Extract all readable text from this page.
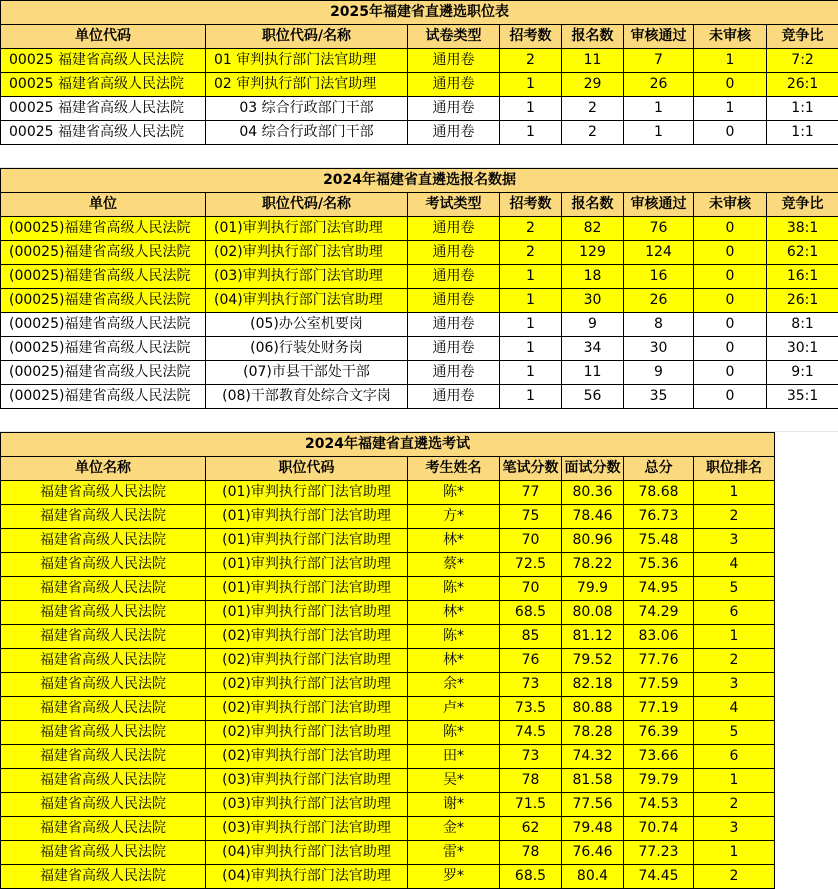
2025年福建省直遴选职位表							
单位代码	职位代码/名称	试卷类型	招考数	报名数	审核通过	未审核	竞争比
00025 福建省高级人民法院	01 审判执行部门法官助理	通用卷	2	11	7	1	7:2
00025 福建省高级人民法院	02 审判执行部门法官助理	通用卷	1	29	26	0	26:1
00025 福建省高级人民法院	03 综合行政部门干部	通用卷	1	2	1	1	1:1
00025 福建省高级人民法院	04 综合行政部门干部	通用卷	1	2	1	0	1:1
2024年福建省直遴选报名数据							
单位	职位代码/名称	考试类型	招考数	报名数	审核通过	未审核	竞争比
(00025)福建省高级人民法院	(01)审判执行部门法官助理	通用卷	2	82	76	0	38:1
(00025)福建省高级人民法院	(02)审判执行部门法官助理	通用卷	2	129	124	0	62:1
(00025)福建省高级人民法院	(03)审判执行部门法官助理	通用卷	1	18	16	0	16:1
(00025)福建省高级人民法院	(04)审判执行部门法官助理	通用卷	1	30	26	0	26:1
(00025)福建省高级人民法院	(05)办公室机要岗	通用卷	1	9	8	0	8:1
(00025)福建省高级人民法院	(06)行装处财务岗	通用卷	1	34	30	0	30:1
(00025)福建省高级人民法院	(07)市县干部处干部	通用卷	1	11	9	0	9:1
(00025)福建省高级人民法院	(08)干部教育处综合文字岗	通用卷	1	56	35	0	35:1
2024年福建省直遴选考试						
单位名称	职位代码	考生姓名	笔试分数	面试分数	总分	职位排名
福建省高级人民法院	(01)审判执行部门法官助理	陈*	77	80.36	78.68	1
福建省高级人民法院	(01)审判执行部门法官助理	方*	75	78.46	76.73	2
福建省高级人民法院	(01)审判执行部门法官助理	林*	70	80.96	75.48	3
福建省高级人民法院	(01)审判执行部门法官助理	蔡*	72.5	78.22	75.36	4
福建省高级人民法院	(01)审判执行部门法官助理	陈*	70	79.9	74.95	5
福建省高级人民法院	(01)审判执行部门法官助理	林*	68.5	80.08	74.29	6
福建省高级人民法院	(02)审判执行部门法官助理	陈*	85	81.12	83.06	1
福建省高级人民法院	(02)审判执行部门法官助理	林*	76	79.52	77.76	2
福建省高级人民法院	(02)审判执行部门法官助理	余*	73	82.18	77.59	3
福建省高级人民法院	(02)审判执行部门法官助理	卢*	73.5	80.88	77.19	4
福建省高级人民法院	(02)审判执行部门法官助理	陈*	74.5	78.28	76.39	5
福建省高级人民法院	(02)审判执行部门法官助理	田*	73	74.32	73.66	6
福建省高级人民法院	(03)审判执行部门法官助理	吴*	78	81.58	79.79	1
福建省高级人民法院	(03)审判执行部门法官助理	谢*	71.5	77.56	74.53	2
福建省高级人民法院	(03)审判执行部门法官助理	金*	62	79.48	70.74	3
福建省高级人民法院	(04)审判执行部门法官助理	雷*	78	76.46	77.23	1
福建省高级人民法院	(04)审判执行部门法官助理	罗*	68.5	80.4	74.45	2
